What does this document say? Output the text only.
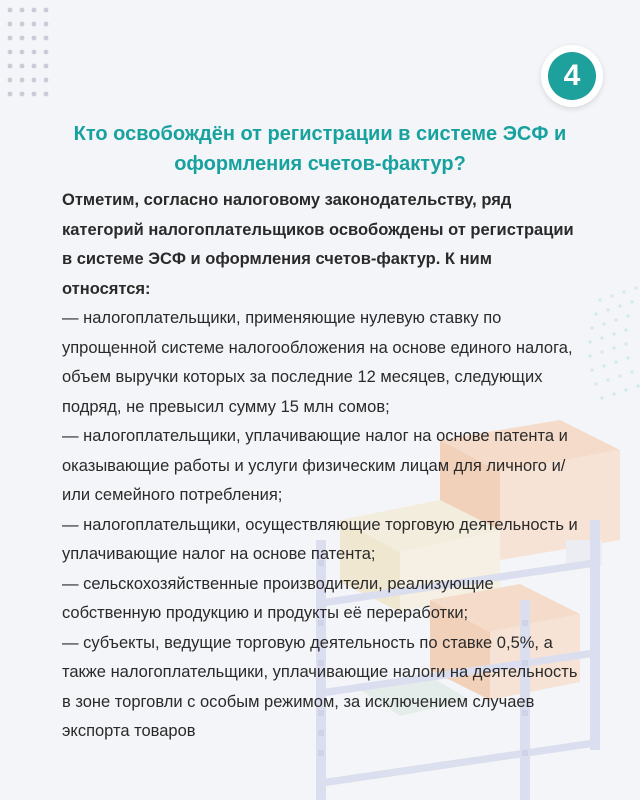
4
Кто освобождён от регистрации в системе ЭСФ и оформления счетов-фактур?

Отметим, согласно налоговому законодательству, ряд категорий налогоплательщиков освобождены от регистрации в системе ЭСФ и оформления счетов-фактур. К ним относятся:

— налогоплательщики, применяющие нулевую ставку по упрощенной системе налогообложения на основе единого налога, объем выручки которых за последние 12 месяцев, следующих подряд, не превысил сумму 15 млн сомов;

— налогоплательщики, уплачивающие налог на основе патента и оказывающие работы и услуги физическим лицам для личного и/или семейного потребления;

— налогоплательщики, осуществляющие торговую деятельность и уплачивающие налог на основе патента;

— сельскохозяйственные производители, реализующие собственную продукцию и продукты её переработки;

— субъекты, ведущие торговую деятельность по ставке 0,5%, а также налогоплательщики, уплачивающие налоги на деятельность в зоне торговли с особым режимом, за исключением случаев экспорта товаров
